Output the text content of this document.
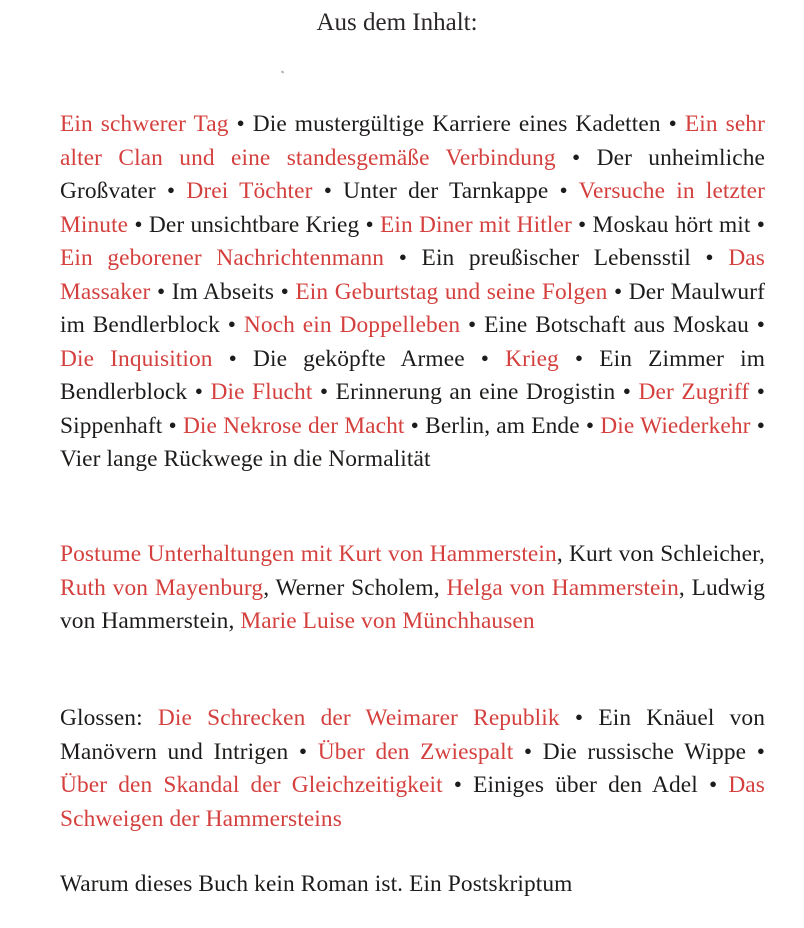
Aus dem Inhalt:
Ein schwerer Tag • Die mustergültige Karriere eines Kadetten • Ein sehr alter Clan und eine standesgemäße Verbindung • Der unheimliche Großvater • Drei Töchter • Unter der Tarnkappe • Versuche in letzter Minute • Der unsichtbare Krieg • Ein Diner mit Hitler • Moskau hört mit • Ein geborener Nachrichtenmann • Ein preußischer Lebensstil • Das Massaker • Im Abseits • Ein Geburtstag und seine Folgen • Der Maulwurf im Bendlerblock • Noch ein Doppelleben • Eine Botschaft aus Moskau • Die Inquisition • Die geköpfte Armee • Krieg • Ein Zimmer im Bendlerblock • Die Flucht • Erinnerung an eine Drogistin • Der Zugriff • Sippenhaft • Die Nekrose der Macht • Berlin, am Ende • Die Wiederkehr • Vier lange Rückwege in die Normalität
Postume Unterhaltungen mit Kurt von Hammerstein, Kurt von Schleicher, Ruth von Mayenburg, Werner Scholem, Helga von Hammerstein, Ludwig von Hammerstein, Marie Luise von Münchhausen
Glossen: Die Schrecken der Weimarer Republik • Ein Knäuel von Manövern und Intrigen • Über den Zwiespalt • Die russische Wippe • Über den Skandal der Gleichzeitigkeit • Einiges über den Adel • Das Schweigen der Hammersteins
Warum dieses Buch kein Roman ist. Ein Postskriptum
